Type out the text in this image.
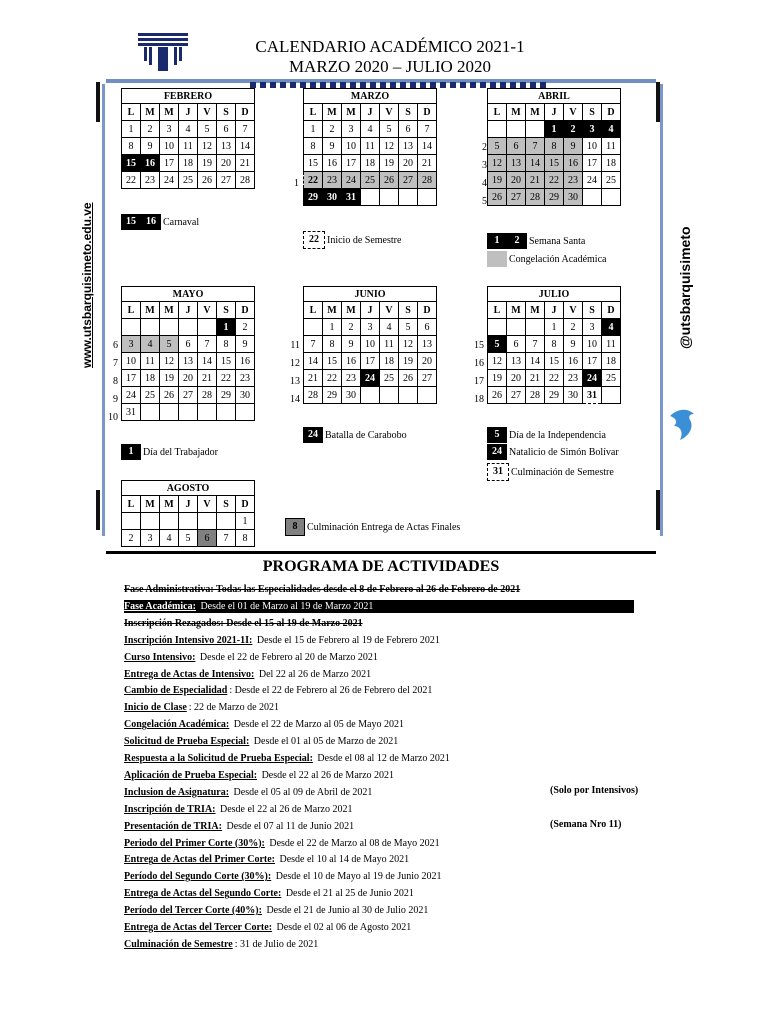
CALENDARIO ACADÉMICO 2021-1
MARZO 2020 – JULIO 2020
www.utsbarquisimeto.edu.ve	@utsbarquisimeto
FEBRERO						
L	M	M	J	V	S	D
1	2	3	4	5	6	7
8	9	10	11	12	13	14
15	16	17	18	19	20	21
22	23	24	25	26	27	28
MARZO						
L	M	M	J	V	S	D
1	2	3	4	5	6	7
8	9	10	11	12	13	14
15	16	17	18	19	20	21
22	23	24	25	26	27	28
29	30	31				
ABRIL						
L	M	M	J	V	S	D
			1	2	3	4
5	6	7	8	9	10	11
12	13	14	15	16	17	18
19	20	21	22	23	24	25
26	27	28	29	30		
MAYO						
L	M	M	J	V	S	D
					1	2
3	4	5	6	7	8	9
10	11	12	13	14	15	16
17	18	19	20	21	22	23
24	25	26	27	28	29	30
31						
JUNIO						
L	M	M	J	V	S	D
	1	2	3	4	5	6
7	8	9	10	11	12	13
14	15	16	17	18	19	20
21	22	23	24	25	26	27
28	29	30				
JULIO						
L	M	M	J	V	S	D
			1	2	3	4
5	6	7	8	9	10	11
12	13	14	15	16	17	18
19	20	21	22	23	24	25
26	27	28	29	30	31	
AGOSTO						
L	M	M	J	V	S	D
						1
2	3	4	5	6	7	8
15	16 Carnaval
22 Inicio de Semestre	1	2 Semana Santa
Congelación Académica
1 Día del Trabajador
24 Batalla de Carabobo	5 Día de la Independencia
24 Natalicio de Simón Bolívar
31 Culminación de Semestre
8 Culminación Entrega de Actas Finales
PROGRAMA DE ACTIVIDADES
Fase Administrativa: Todas las Especialidades desde el 8 de Febrero al 26 de Febrero de 2021
Fase Académica: Desde el 01 de Marzo al 19 de Marzo 2021
Inscripción Rezagados: Desde el 15 al 19 de Marzo 2021
Inscripción Intensivo 2021-1I: Desde el 15 de Febrero al 19 de Febrero 2021
Curso Intensivo: Desde el 22 de Febrero al 20 de Marzo 2021
Entrega de Actas de Intensivo: Del 22 al 26 de Marzo 2021
Cambio de Especialidad : Desde el 22 de Febrero al 26 de Febrero del 2021
Inicio de Clase : 22 de Marzo de 2021
Congelación Académica: Desde el 22 de Marzo al 05 de Mayo 2021
Solicitud de Prueba Especial: Desde el 01 al 05 de Marzo de 2021
Respuesta a la Solicitud de Prueba Especial: Desde el 08 al 12 de Marzo 2021
Aplicación de Prueba Especial: Desde el 22 al 26 de Marzo 2021
Inclusion de Asignatura: Desde el 05 al 09 de Abril de 2021
Inscripción de TRIA: Desde el 22 al 26 de Marzo 2021
Presentación de TRIA: Desde el 07 al 11 de Junio 2021
Periodo del Primer Corte (30%): Desde el 22 de Marzo al 08 de Mayo 2021
Entrega de Actas del Primer Corte: Desde el 10 al 14 de Mayo 2021
Período del Segundo Corte (30%): Desde el 10 de Mayo al 19 de Junio 2021
Entrega de Actas del Segundo Corte: Desde el 21 al 25 de Junio 2021
Período del Tercer Corte (40%): Desde el 21 de Junio al 30 de Julio 2021
Entrega de Actas del Tercer Corte: Desde el 02 al 06 de Agosto 2021
Culminación de Semestre : 31 de Julio de 2021
(Solo por Intensivos)
(Semana Nro 11)
1
2
3
4
5
6
7
8
9
10
11
12
13
14
15
16
17
18
